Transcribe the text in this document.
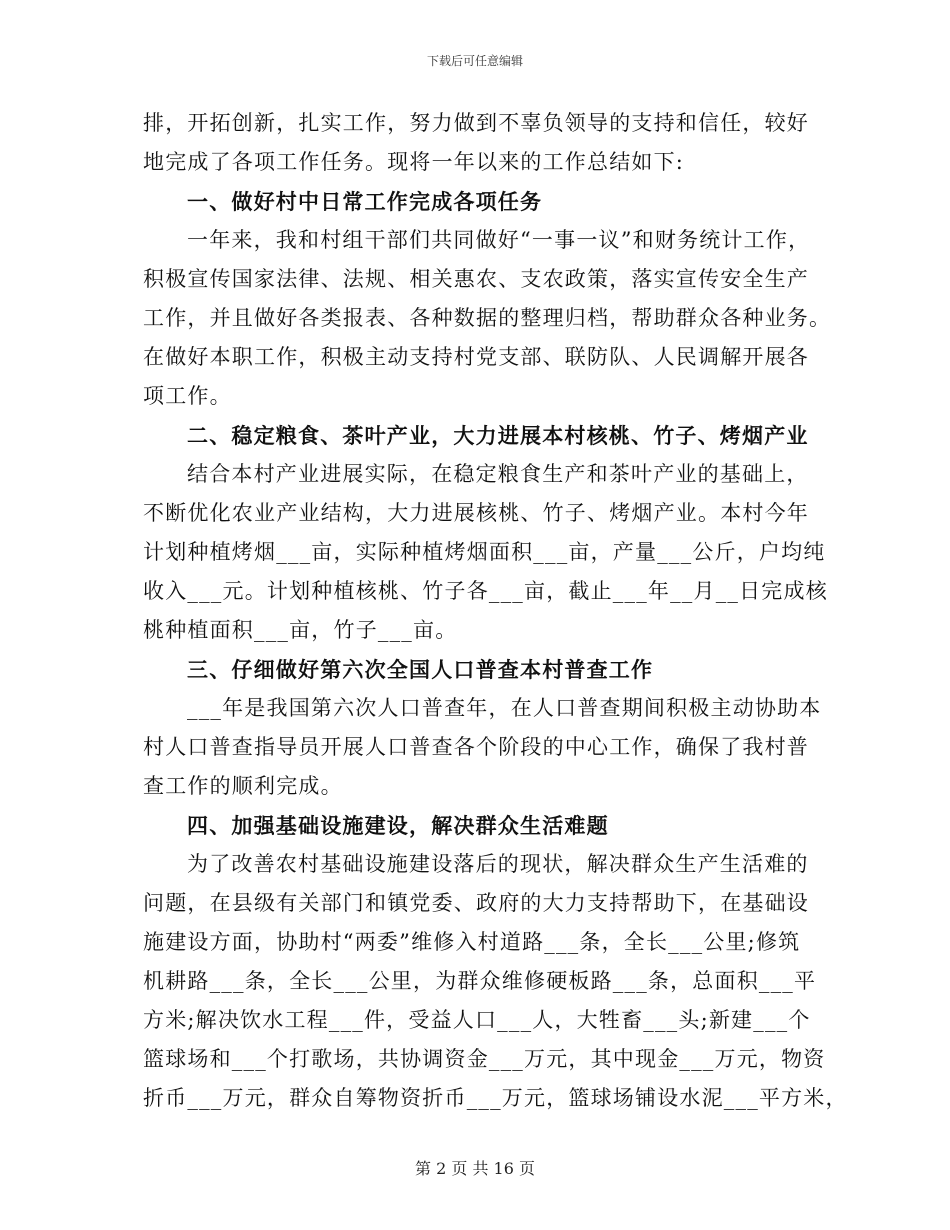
下载后可任意编辑
排，开拓创新，扎实工作，努力做到不辜负领导的支持和信任，较好
地完成了各项工作任务。现将一年以来的工作总结如下:
一、做好村中日常工作完成各项任务
一年来，我和村组干部们共同做好“一事一议”和财务统计工作，
积极宣传国家法律、法规、相关惠农、支农政策，落实宣传安全生产
工作，并且做好各类报表、各种数据的整理归档，帮助群众各种业务。
在做好本职工作，积极主动支持村党支部、联防队、人民调解开展各
项工作。
二、稳定粮食、茶叶产业，大力进展本村核桃、竹子、烤烟产业
结合本村产业进展实际，在稳定粮食生产和茶叶产业的基础上，
不断优化农业产业结构，大力进展核桃、竹子、烤烟产业。本村今年
计划种植烤烟___亩，实际种植烤烟面积___亩，产量___公斤，户均纯
收入___元。计划种植核桃、竹子各___亩，截止___年__月__日完成核
桃种植面积___亩，竹子___亩。
三、仔细做好第六次全国人口普查本村普查工作
___年是我国第六次人口普查年，在人口普查期间积极主动协助本
村人口普查指导员开展人口普查各个阶段的中心工作，确保了我村普
查工作的顺利完成。
四、加强基础设施建设，解决群众生活难题
为了改善农村基础设施建设落后的现状，解决群众生产生活难的
问题，在县级有关部门和镇党委、政府的大力支持帮助下，在基础设
施建设方面，协助村“两委”维修入村道路___条，全长___公里;修筑
机耕路___条，全长___公里，为群众维修硬板路___条，总面积___平
方米;解决饮水工程___件，受益人口___人，大牲畜___头;新建___个
篮球场和___个打歌场，共协调资金___万元，其中现金___万元，物资
折币___万元，群众自筹物资折币___万元，篮球场铺设水泥___平方米，
第 2 页 共 16 页
